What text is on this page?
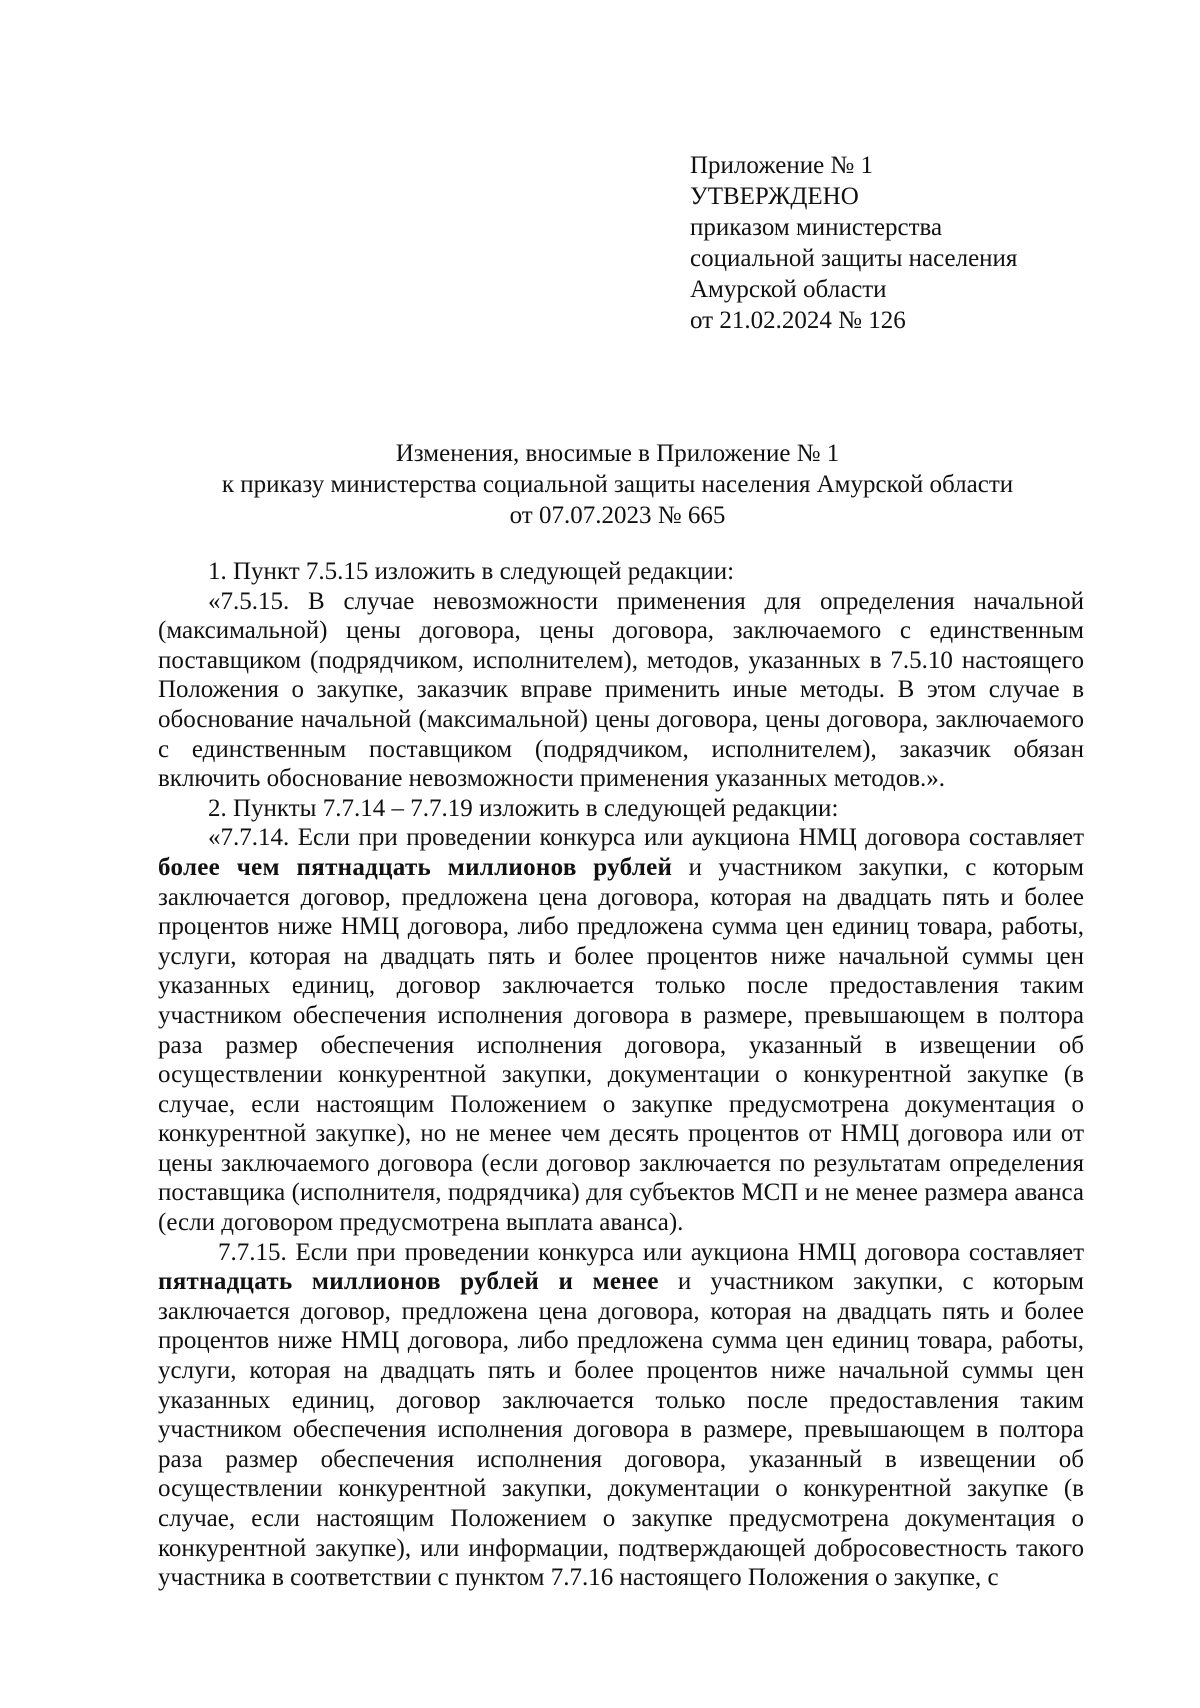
Приложение № 1
УТВЕРЖДЕНО
приказом министерства
социальной защиты населения
Амурской области
от 21.02.2024 № 126
Изменения, вносимые в Приложение № 1
к приказу министерства социальной защиты населения Амурской области
от 07.07.2023 № 665

1. Пункт 7.5.15 изложить в следующей редакции:

«7.5.15. В случае невозможности применения для определения начальной (максимальной) цены договора, цены договора, заключаемого с единственным поставщиком (подрядчиком, исполнителем), методов, указанных в 7.5.10 настоящего Положения о закупке, заказчик вправе применить иные методы. В этом случае в обоснование начальной (максимальной) цены договора, цены договора, заключаемого с единственным поставщиком (подрядчиком, исполнителем), заказчик обязан включить обоснование невозможности применения указанных методов.».

2. Пункты 7.7.14 – 7.7.19 изложить в следующей редакции:

«7.7.14. Если при проведении конкурса или аукциона НМЦ договора составляет более чем пятнадцать миллионов рублей и участником закупки, с которым заключается договор, предложена цена договора, которая на двадцать пять и более процентов ниже НМЦ договора, либо предложена сумма цен единиц товара, работы, услуги, которая на двадцать пять и более процентов ниже начальной суммы цен указанных единиц, договор заключается только после предоставления таким участником обеспечения исполнения договора в размере, превышающем в полтора раза размер обеспечения исполнения договора, указанный в извещении об осуществлении конкурентной закупки, документации о конкурентной закупке (в случае, если настоящим Положением о закупке предусмотрена документация о конкурентной закупке), но не менее чем десять процентов от НМЦ договора или от цены заключаемого договора (если договор заключается по результатам определения поставщика (исполнителя, подрядчика) для субъектов МСП и не менее размера аванса (если договором предусмотрена выплата аванса).

7.7.15. Если при проведении конкурса или аукциона НМЦ договора составляет пятнадцать миллионов рублей и менее и участником закупки, с которым заключается договор, предложена цена договора, которая на двадцать пять и более процентов ниже НМЦ договора, либо предложена сумма цен единиц товара, работы, услуги, которая на двадцать пять и более процентов ниже начальной суммы цен указанных единиц, договор заключается только после предоставления таким участником обеспечения исполнения договора в размере, превышающем в полтора раза размер обеспечения исполнения договора, указанный в извещении об осуществлении конкурентной закупки, документации о конкурентной закупке (в случае, если настоящим Положением о закупке предусмотрена документация о конкурентной закупке), или информации, подтверждающей добросовестность такого участника в соответствии с пунктом 7.7.16 настоящего Положения о закупке, с
